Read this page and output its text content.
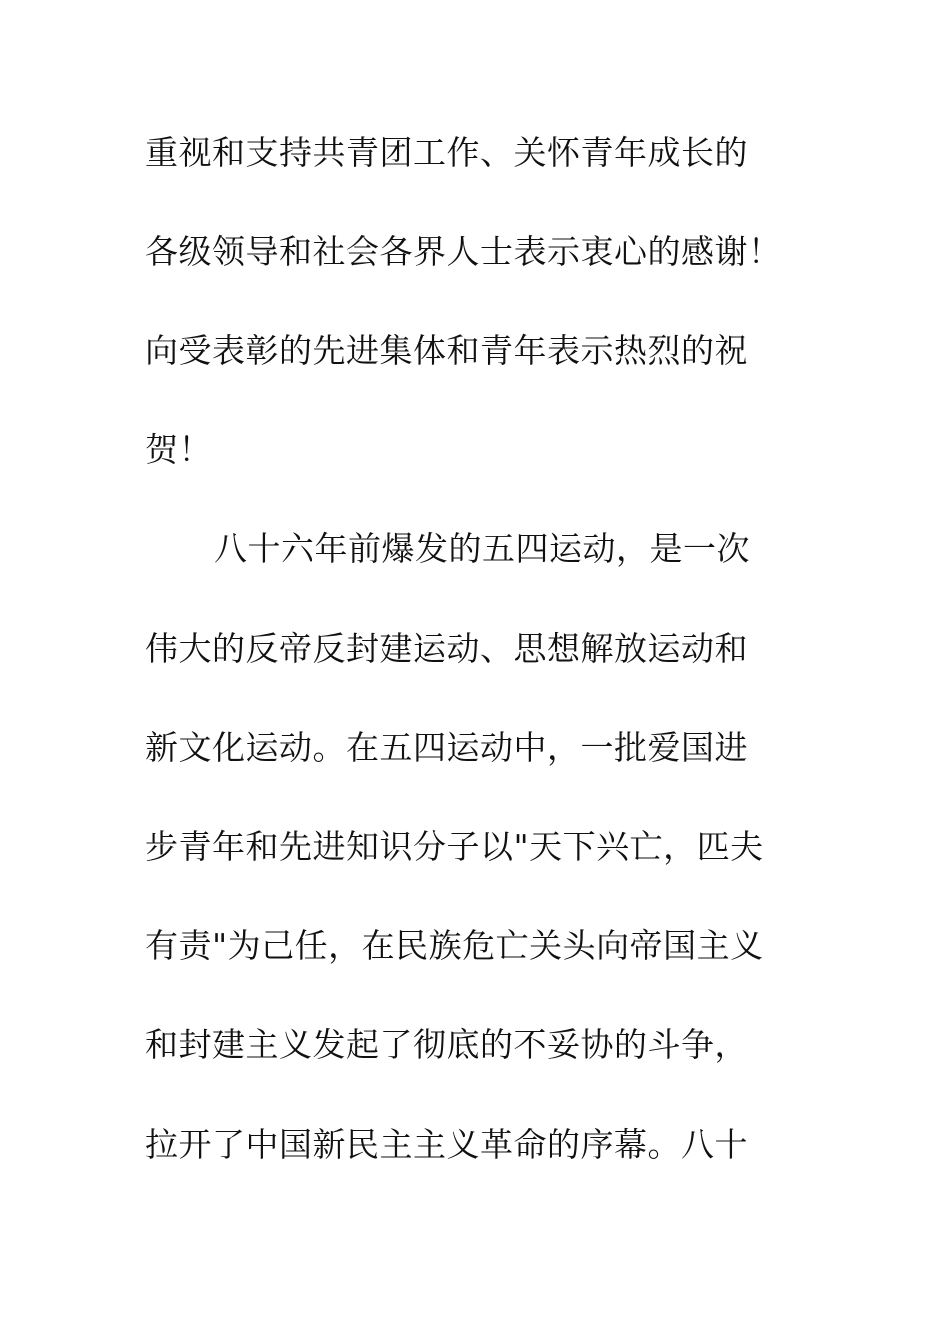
重视和支持共青团工作、关怀青年成长的
各级领导和社会各界人士表示衷心的感谢！
向受表彰的先进集体和青年表示热烈的祝
贺！
八十六年前爆发的五四运动，是一次
伟大的反帝反封建运动、思想解放运动和
新文化运动。在五四运动中，一批爱国进
步青年和先进知识分子以"天下兴亡，匹夫
有责"为己任，在民族危亡关头向帝国主义
和封建主义发起了彻底的不妥协的斗争，
拉开了中国新民主主义革命的序幕。八十
